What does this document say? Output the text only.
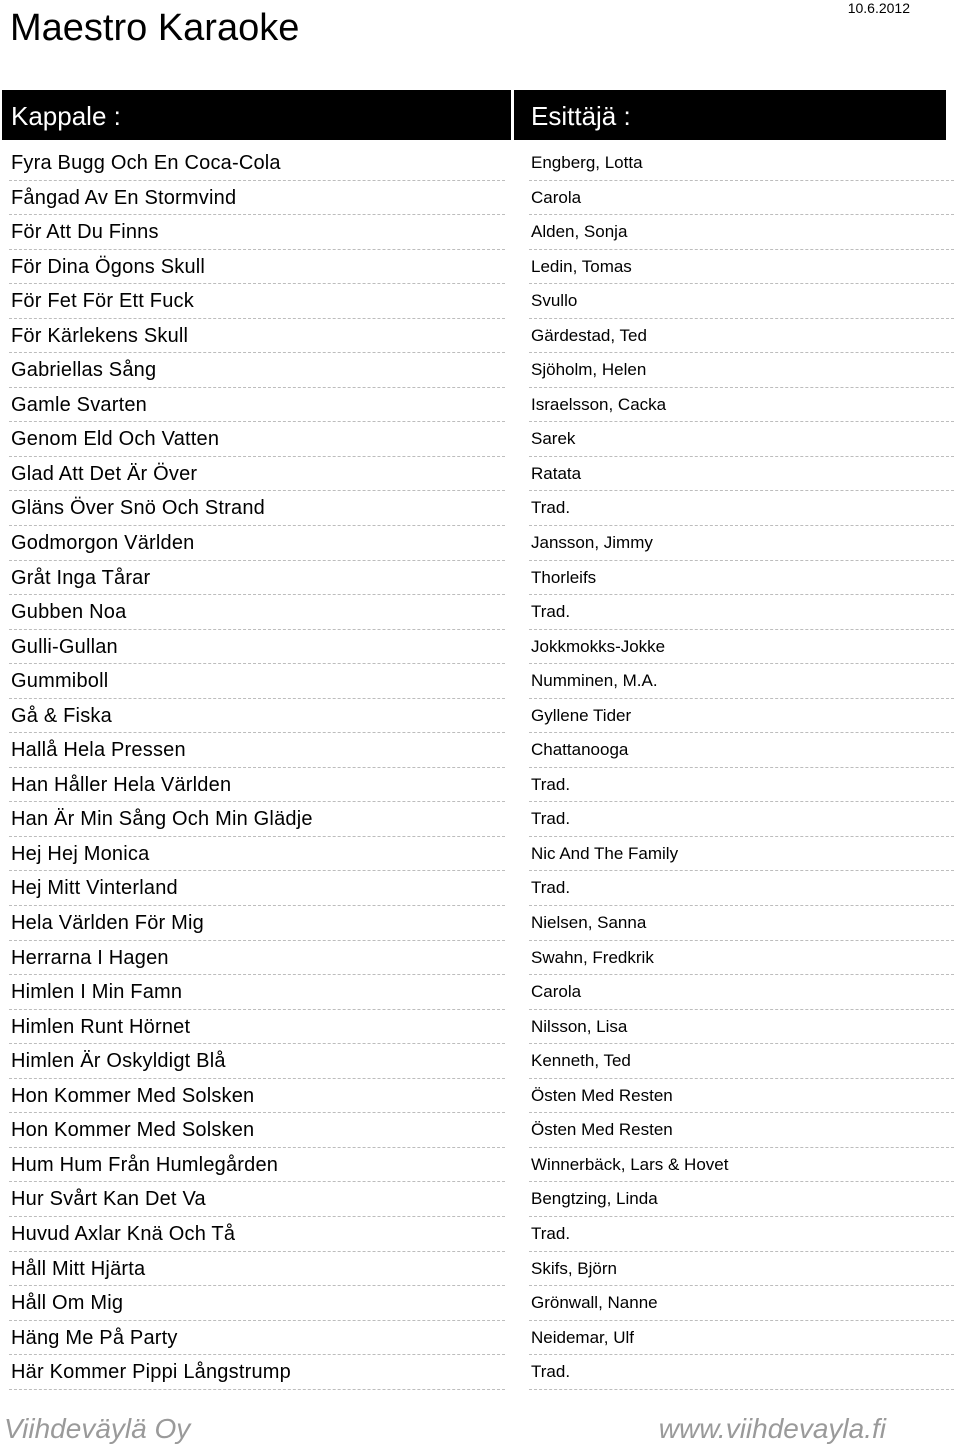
Maestro Karaoke	10.6.2012
Kappale :	Esittäjä :
Fyra Bugg Och En Coca-Cola	Engberg, Lotta
Fångad Av En Stormvind	Carola
För Att Du Finns	Alden, Sonja
För Dina Ögons Skull	Ledin, Tomas
För Fet För Ett Fuck	Svullo
För Kärlekens Skull	Gärdestad, Ted
Gabriellas Sång	Sjöholm, Helen
Gamle Svarten	Israelsson, Cacka
Genom Eld Och Vatten	Sarek
Glad Att Det Är Över	Ratata
Gläns Över Snö Och Strand	Trad.
Godmorgon Världen	Jansson, Jimmy
Gråt Inga Tårar	Thorleifs
Gubben Noa	Trad.
Gulli-Gullan	Jokkmokks-Jokke
Gummiboll	Numminen, M.A.
Gå & Fiska	Gyllene Tider
Hallå Hela Pressen	Chattanooga
Han Håller Hela Världen	Trad.
Han Är Min Sång Och Min Glädje	Trad.
Hej Hej Monica	Nic And The Family
Hej Mitt Vinterland	Trad.
Hela Världen För Mig	Nielsen, Sanna
Herrarna I Hagen	Swahn, Fredkrik
Himlen I Min Famn	Carola
Himlen Runt Hörnet	Nilsson, Lisa
Himlen Är Oskyldigt Blå	Kenneth, Ted
Hon Kommer Med Solsken	Östen Med Resten
Hon Kommer Med Solsken	Östen Med Resten
Hum Hum Från Humlegården	Winnerbäck, Lars & Hovet
Hur Svårt Kan Det Va	Bengtzing, Linda
Huvud Axlar Knä Och Tå	Trad.
Håll Mitt Hjärta	Skifs, Björn
Håll Om Mig	Grönwall, Nanne
Häng Me På Party	Neidemar, Ulf
Här Kommer Pippi Långstrump	Trad.
Viihdeväylä Oy	www.viihdevayla.fi
